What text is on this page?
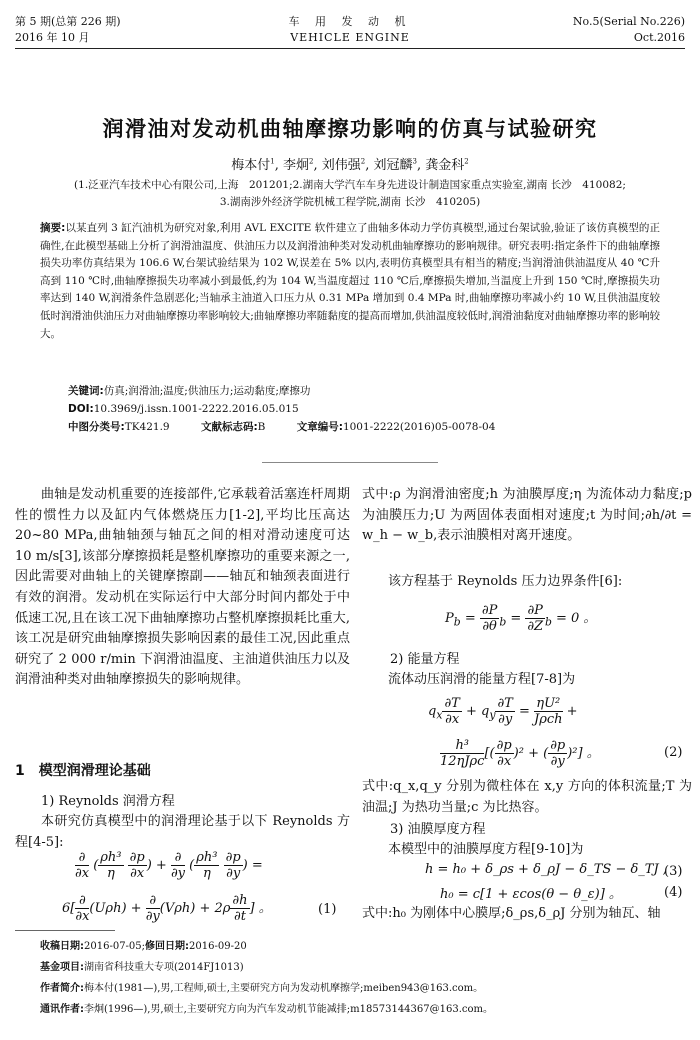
第 5 期(总第 226 期)
2016 年 10 月
车 用 发 动 机
VEHICLE ENGINE
No.5(Serial No.226)
Oct.2016
润滑油对发动机曲轴摩擦功影响的仿真与试验研究
梅本付$^1$, 李炯$^2$, 刘伟强$^2$, 刘冠麟$^3$, 龚金科$^2$
(1.泛亚汽车技术中心有限公司,上海　201201;2.湖南大学汽车车身先进设计制造国家重点实验室,湖南 长沙　410082;
3.湖南涉外经济学院机械工程学院,湖南 长沙　410205)
摘要:以某直列 3 缸汽油机为研究对象,利用 AVL EXCITE 软件建立了曲轴多体动力学仿真模型,通过台架试验,验证了该仿真模型的正确性,在此模型基础上分析了润滑油温度、供油压力以及润滑油种类对发动机曲轴摩擦功的影响规律。研究表明:指定条件下的曲轴摩擦损失功率仿真结果为 106.6 W,台架试验结果为 102 W,误差在 5% 以内,表明仿真模型具有相当的精度;当润滑油供油温度从 40 ℃升高到 110 ℃时,曲轴摩擦损失功率减小到最低,约为 104 W,当温度超过 110 ℃后,摩擦损失增加,当温度上升到 150 ℃时,摩擦损失功率达到 140 W,润滑条件急剧恶化;当轴承主油道入口压力从 0.31 MPa 增加到 0.4 MPa 时,曲轴摩擦功率减小约 10 W,且供油温度较低时润滑油供油压力对曲轴摩擦功率影响较大;曲轴摩擦功率随黏度的提高而增加,供油温度较低时,润滑油黏度对曲轴摩擦功率的影响较大。
关键词:仿真;润滑油;温度;供油压力;运动黏度;摩擦功
DOI:10.3969/j.issn.1001-2222.2016.05.015
中图分类号:TK421.9	文献标志码:B	文章编号:1001-2222(2016)05-0078-04
曲轴是发动机重要的连接部件,它承载着活塞连杆周期性的惯性力以及缸内气体燃烧压力[1-2],平均比压高达 20~80 MPa,曲轴轴颈与轴瓦之间的相对滑动速度可达 10 m/s[3],该部分摩擦损耗是整机摩擦功的重要来源之一,因此需要对曲轴上的关键摩擦副——轴瓦和轴颈表面进行有效的润滑。发动机在实际运行中大部分时间内都处于中低速工况,且在该工况下曲轴摩擦功占整机摩擦损耗比重大,该工况是研究曲轴摩擦损失影响因素的最佳工况,因此重点研究了 2 000 r/min 下润滑油温度、主油道供油压力以及润滑油种类对曲轴摩擦损失的影响规律。
1　模型润滑理论基础
1) Reynolds 润滑方程
本研究仿真模型中的润滑理论基于以下 Reynolds 方程[4-5]:
$\frac{\partial}{\partial x}$ ( $\frac{\text{ρh³}}{\eta}$
$\frac{\partial p}{\partial x}$ ) + $\frac{\partial}{\partial y}$ ( $\frac{\text{ρh³}}{\eta}$
$\frac{\partial p}{\partial y}$ ) =
$6[ \frac{\partial}{\partial x} (U\rho h) + \frac{\partial}{\partial y} (V\rho h) + 2\rho \frac{\partial h}{\partial t}$ ] 。	(1)
式中:ρ 为润滑油密度;h 为油膜厚度;η 为流体动力黏度;p 为油膜压力;U 为两固体表面相对速度;t 为时间;∂h/∂t = w_h − w_b,表示油膜相对离开速度。
该方程基于 Reynolds 压力边界条件[6]:
$P_b = \frac{\partial P}{\partial\theta} _b = \frac{\partial P}{\partial Z} _b = 0$ 。
2) 能量方程
流体动压润滑的能量方程[7-8]为
$q_x \frac{\partial T}{\partial x} + q_y \frac{\partial T}{\partial y} = \frac{\text{ηU²}}{\text{Jρch}}$ +
$\frac{\text{h³}}{\text{12ηJρc}}$ [( $\frac{\partial p}{\partial x} )^2$ + ( $\frac{\partial p}{\partial y} )^2$] 。	(2)
式中:q_x,q_y 分别为微柱体在 x,y 方向的体积流量;T 为油温;J 为热功当量;c 为比热容。
3) 油膜厚度方程
本模型中的油膜厚度方程[9-10]为
h = h₀ + δ_ρs + δ_ρJ − δ_TS − δ_TJ ,
(3)
h₀ = c[1 + εcos(θ − θ_ε)] 。	(4)
式中:h₀ 为刚体中心膜厚;δ_ρs,δ_ρJ 分别为轴瓦、轴
收稿日期:2016-07-05;修回日期:2016-09-20
基金项目:湖南省科技重大专项(2014FJ1013)
作者简介:梅本付(1981—),男,工程师,硕士,主要研究方向为发动机摩擦学;meiben943@163.com。
通讯作者:李炯(1996—),男,硕士,主要研究方向为汽车发动机节能减排;m18573144367@163.com。
